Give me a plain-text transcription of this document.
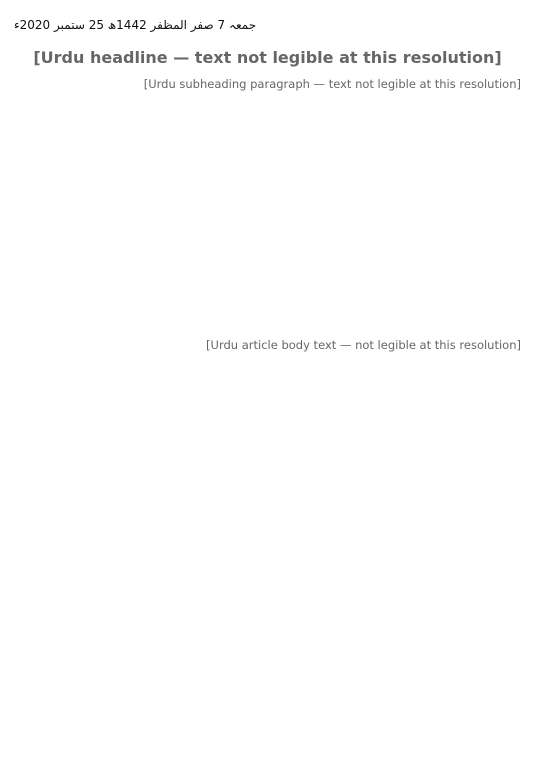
جمعہ 7 صفر المظفر 1442ھ 25 ستمبر 2020ء
[Urdu headline — text not legible at this resolution]
[Urdu subheading paragraph — text not legible at this resolution]

[Urdu article body text — not legible at this resolution]
